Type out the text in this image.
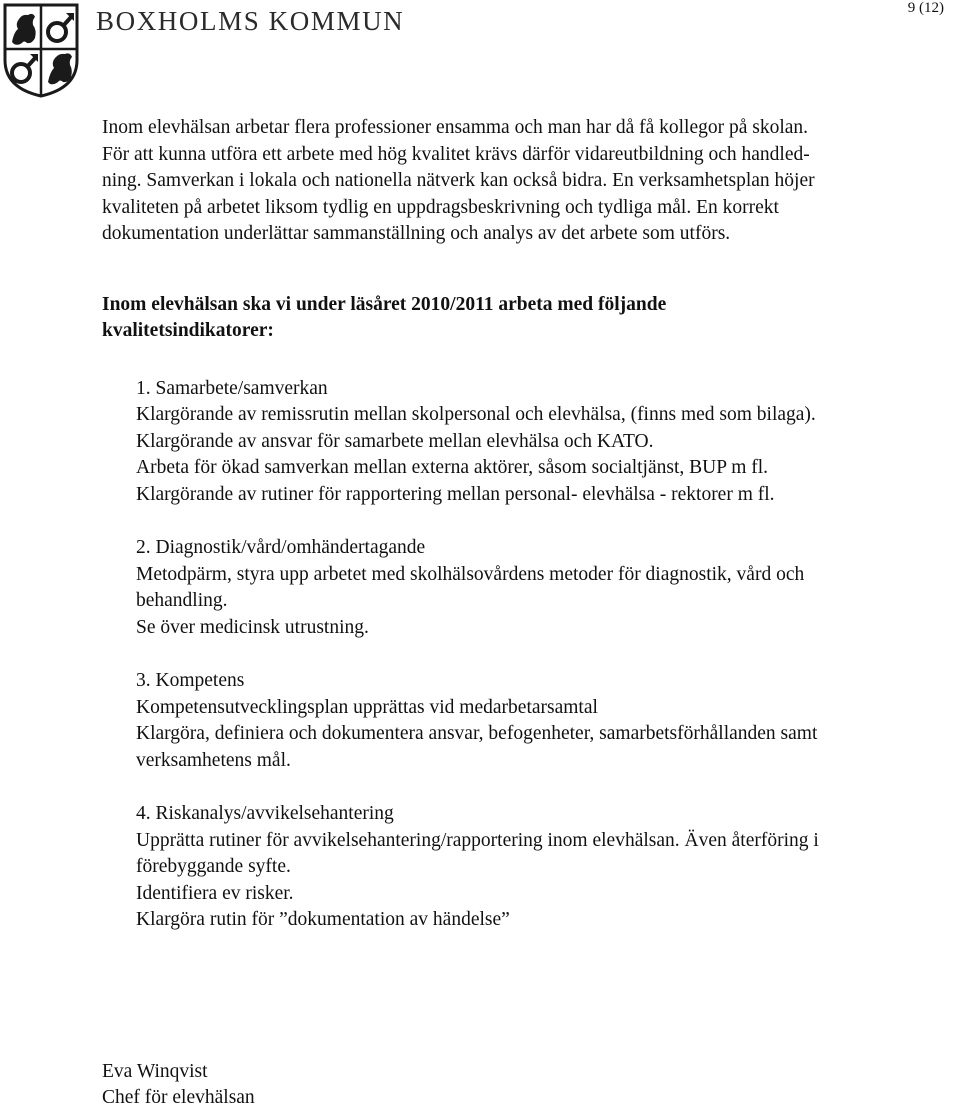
BOXHOLMS KOMMUN	9 (12)

Inom elevhälsan arbetar flera professioner ensamma och man har då få kollegor på skolan.
För att kunna utföra ett arbete med hög kvalitet krävs därför vidareutbildning och handled-
ning. Samverkan i lokala och nationella nätverk kan också bidra. En verksamhetsplan höjer
kvaliteten på arbetet liksom tydlig en uppdragsbeskrivning och tydliga mål. En korrekt
dokumentation underlättar sammanställning och analys av det arbete som utförs.

Inom elevhälsan ska vi under läsåret 2010/2011 arbeta med följande
kvalitetsindikatorer:
1. Samarbete/samverkan
Klargörande av remissrutin mellan skolpersonal och elevhälsa, (finns med som bilaga).
Klargörande av ansvar för samarbete mellan elevhälsa och KATO.
Arbeta för ökad samverkan mellan externa aktörer, såsom socialtjänst, BUP m fl.
Klargörande av rutiner för rapportering mellan personal- elevhälsa - rektorer m fl.
2. Diagnostik/vård/omhändertagande
Metodpärm, styra upp arbetet med skolhälsovårdens metoder för diagnostik, vård och
behandling.
Se över medicinsk utrustning.
3. Kompetens
Kompetensutvecklingsplan upprättas vid medarbetarsamtal
Klargöra, definiera och dokumentera ansvar, befogenheter, samarbetsförhållanden samt
verksamhetens mål.
4. Riskanalys/avvikelsehantering
Upprätta rutiner för avvikelsehantering/rapportering inom elevhälsan. Även återföring i
förebyggande syfte.
Identifiera ev risker.
Klargöra rutin för ”dokumentation av händelse”
Eva Winqvist
Chef för elevhälsan
